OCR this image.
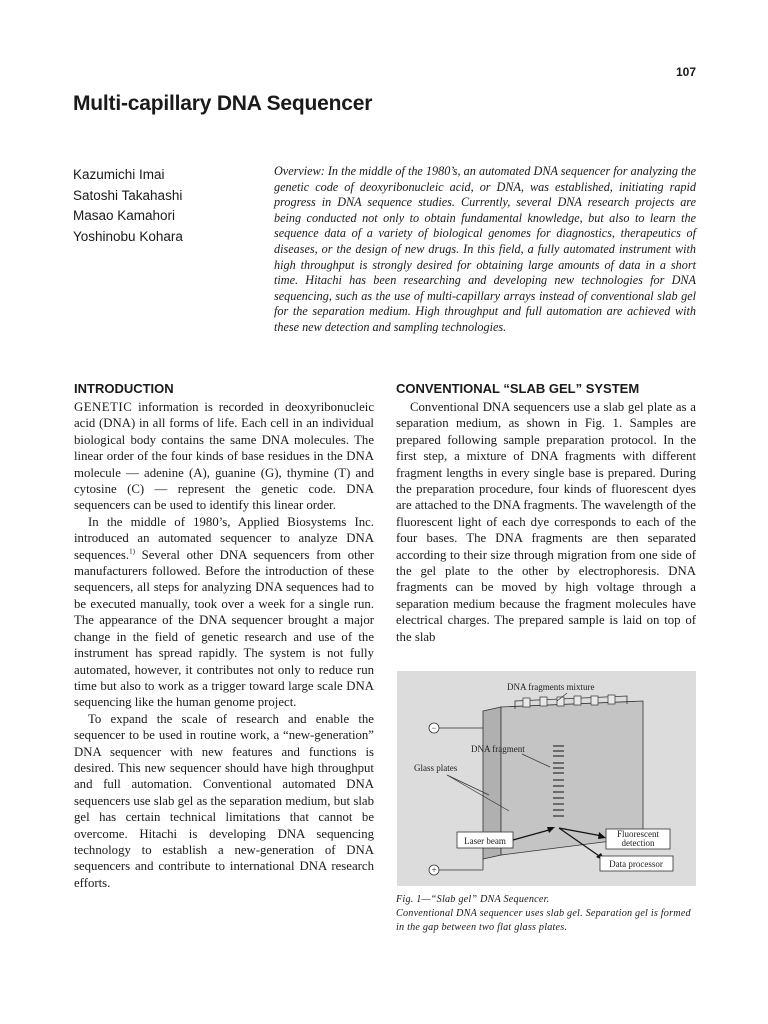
107
Multi-capillary DNA Sequencer
Kazumichi Imai
Satoshi Takahashi
Masao Kamahori
Yoshinobu Kohara

Overview: In the middle of the 1980’s, an automated DNA sequencer for analyzing the genetic code of deoxyribonucleic acid, or DNA, was established, initiating rapid progress in DNA sequence studies. Currently, several DNA research projects are being conducted not only to obtain fundamental knowledge, but also to learn the sequence data of a variety of biological genomes for diagnostics, therapeutics of diseases, or the design of new drugs. In this field, a fully automated instrument with high throughput is strongly desired for obtaining large amounts of data in a short time. Hitachi has been researching and developing new technologies for DNA sequencing, such as the use of multi-capillary arrays instead of conventional slab gel for the separation medium. High throughput and full automation are achieved with these new detection and sampling technologies.

INTRODUCTION

GENETIC information is recorded in deoxyribonucleic acid (DNA) in all forms of life. Each cell in an individual biological body contains the same DNA molecules. The linear order of the four kinds of base residues in the DNA molecule — adenine (A), guanine (G), thymine (T) and cytosine (C) — represent the genetic code. DNA sequencers can be used to identify this linear order.

In the middle of 1980’s, Applied Biosystems Inc. introduced an automated sequencer to analyze DNA sequences.$^{1)}$ Several other DNA sequencers from other manufacturers followed. Before the introduction of these sequencers, all steps for analyzing DNA sequences had to be executed manually, took over a week for a single run. The appearance of the DNA sequencer brought a major change in the field of genetic research and use of the instrument has spread rapidly. The system is not fully automated, however, it contributes not only to reduce run time but also to work as a trigger toward large scale DNA sequencing like the human genome project.

To expand the scale of research and enable the sequencer to be used in routine work, a “new-generation” DNA sequencer with new features and functions is desired. This new sequencer should have high throughput and full automation. Conventional automated DNA sequencers use slab gel as the separation medium, but slab gel has certain technical limitations that cannot be overcome. Hitachi is developing DNA sequencing technology to establish a new-generation of DNA sequencers and contribute to international DNA research efforts.

CONVENTIONAL “SLAB GEL” SYSTEM

Conventional DNA sequencers use a slab gel plate as a separation medium, as shown in Fig. 1. Samples are prepared following sample preparation protocol. In the first step, a mixture of DNA fragments with different fragment lengths in every single base is prepared. During the preparation procedure, four kinds of fluorescent dyes are attached to the DNA fragments. The wavelength of the fluorescent light of each dye corresponds to each of the four bases. The DNA fragments are then separated according to their size through migration from one side of the gel plate to the other by electrophoresis. DNA fragments can be moved by high voltage through a separation medium because the fragment molecules have electrical charges. The prepared sample is laid on top of the slab

−
+
DNA fragments mixture
DNA fragment
Glass plates
Laser beam
Fluorescent
detection
Data processor
Fig. 1—“Slab gel” DNA Sequencer.
Conventional DNA sequencer uses slab gel. Separation gel is formed in the gap between two flat glass plates.
